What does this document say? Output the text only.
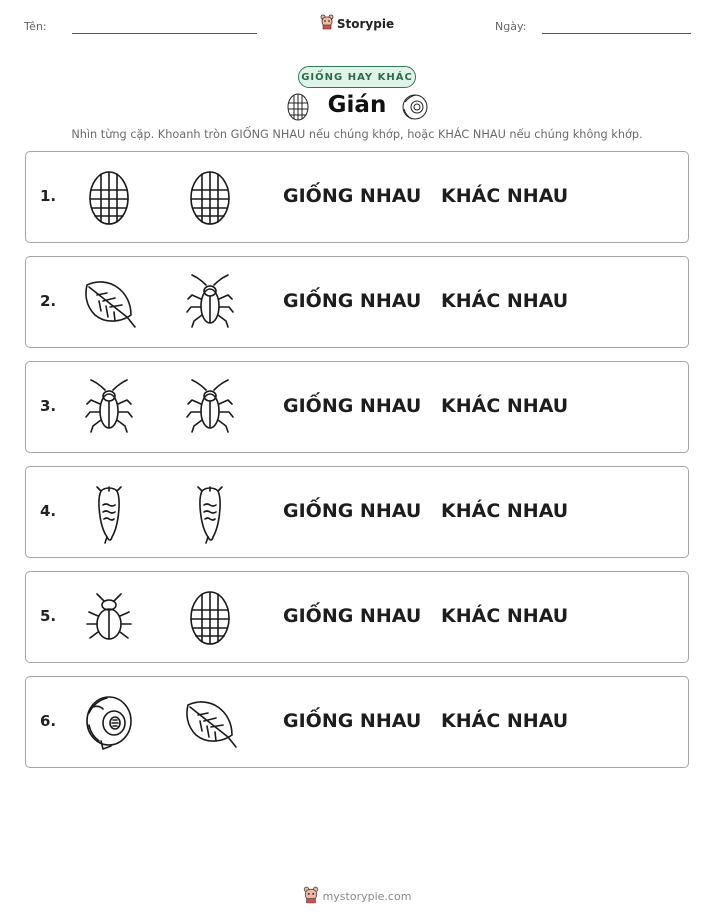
Tên:	Storypie	Ngày:
GIỐNG HAY KHÁC
Gián
Nhìn từng cặp. Khoanh tròn GIỐNG NHAU nếu chúng khớp, hoặc KHÁC NHAU nếu chúng không khớp.
1.	GIỐNG NHAU KHÁC NHAU
2.	GIỐNG NHAU KHÁC NHAU
3.	GIỐNG NHAU KHÁC NHAU
4.	GIỐNG NHAU KHÁC NHAU
5.	GIỐNG NHAU KHÁC NHAU
6.	GIỐNG NHAU KHÁC NHAU
mystorypie.com
